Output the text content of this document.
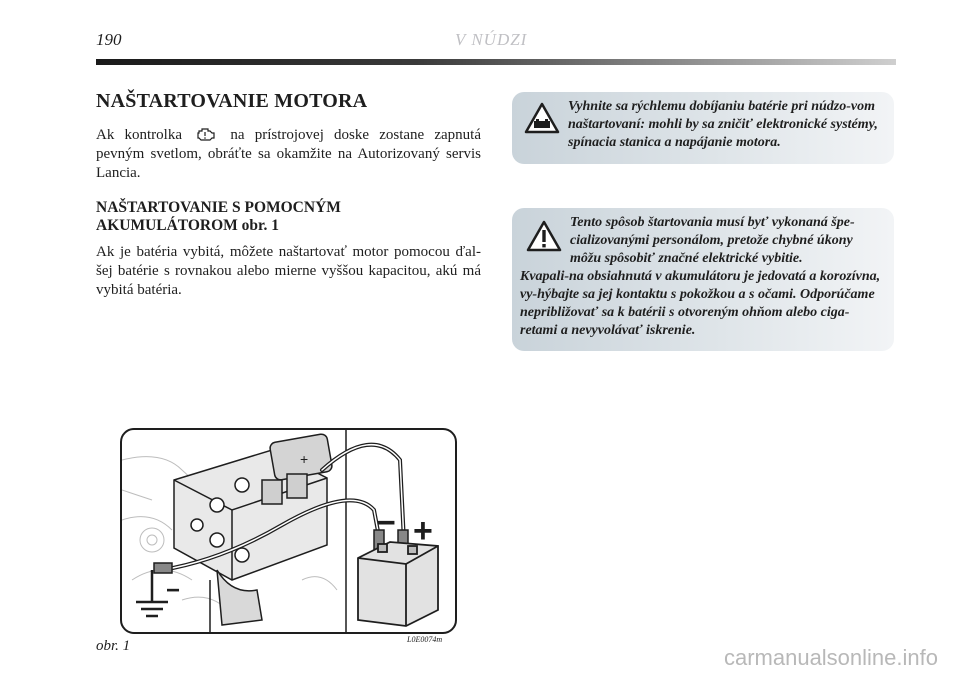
190	V NÚDZI
NAŠTARTOVANIE MOTORA

Ak kontrolka	na prístrojovej doske zostane zapnutá pevným svetlom, obráťte sa okamžite na Autorizovaný servis Lancia.

NAŠTARTOVANIE S POMOCNÝM
AKUMULÁTOROM obr. 1

Ak je batéria vybitá, môžete naštartovať motor pomocou ďal-šej batérie s rovnakou alebo mierne vyššou kapacitou, akú má vybitá batéria.

Vyhnite sa rýchlemu dobíjaniu batérie pri núdzo-vom naštartovaní: mohli by sa zničiť elektronické systémy, spínacia stanica a napájanie motora.
Tento spôsob štartovania musí byť vykonaná špe-cializovanými personálom, pretože chybné úkony môžu spôsobiť značné elektrické vybitie.
Kvapali-na obsiahnutá v akumulátoru je jedovatá a korozívna, vy-hýbajte sa jej kontaktu s pokožkou a s očami. Odporúčame nepribližovať sa k batérii s otvoreným ohňom alebo ciga-retami a nevyvolávať iskrenie.
+
−
− +
obr. 1	L0E0074m
carmanualsonline.info
